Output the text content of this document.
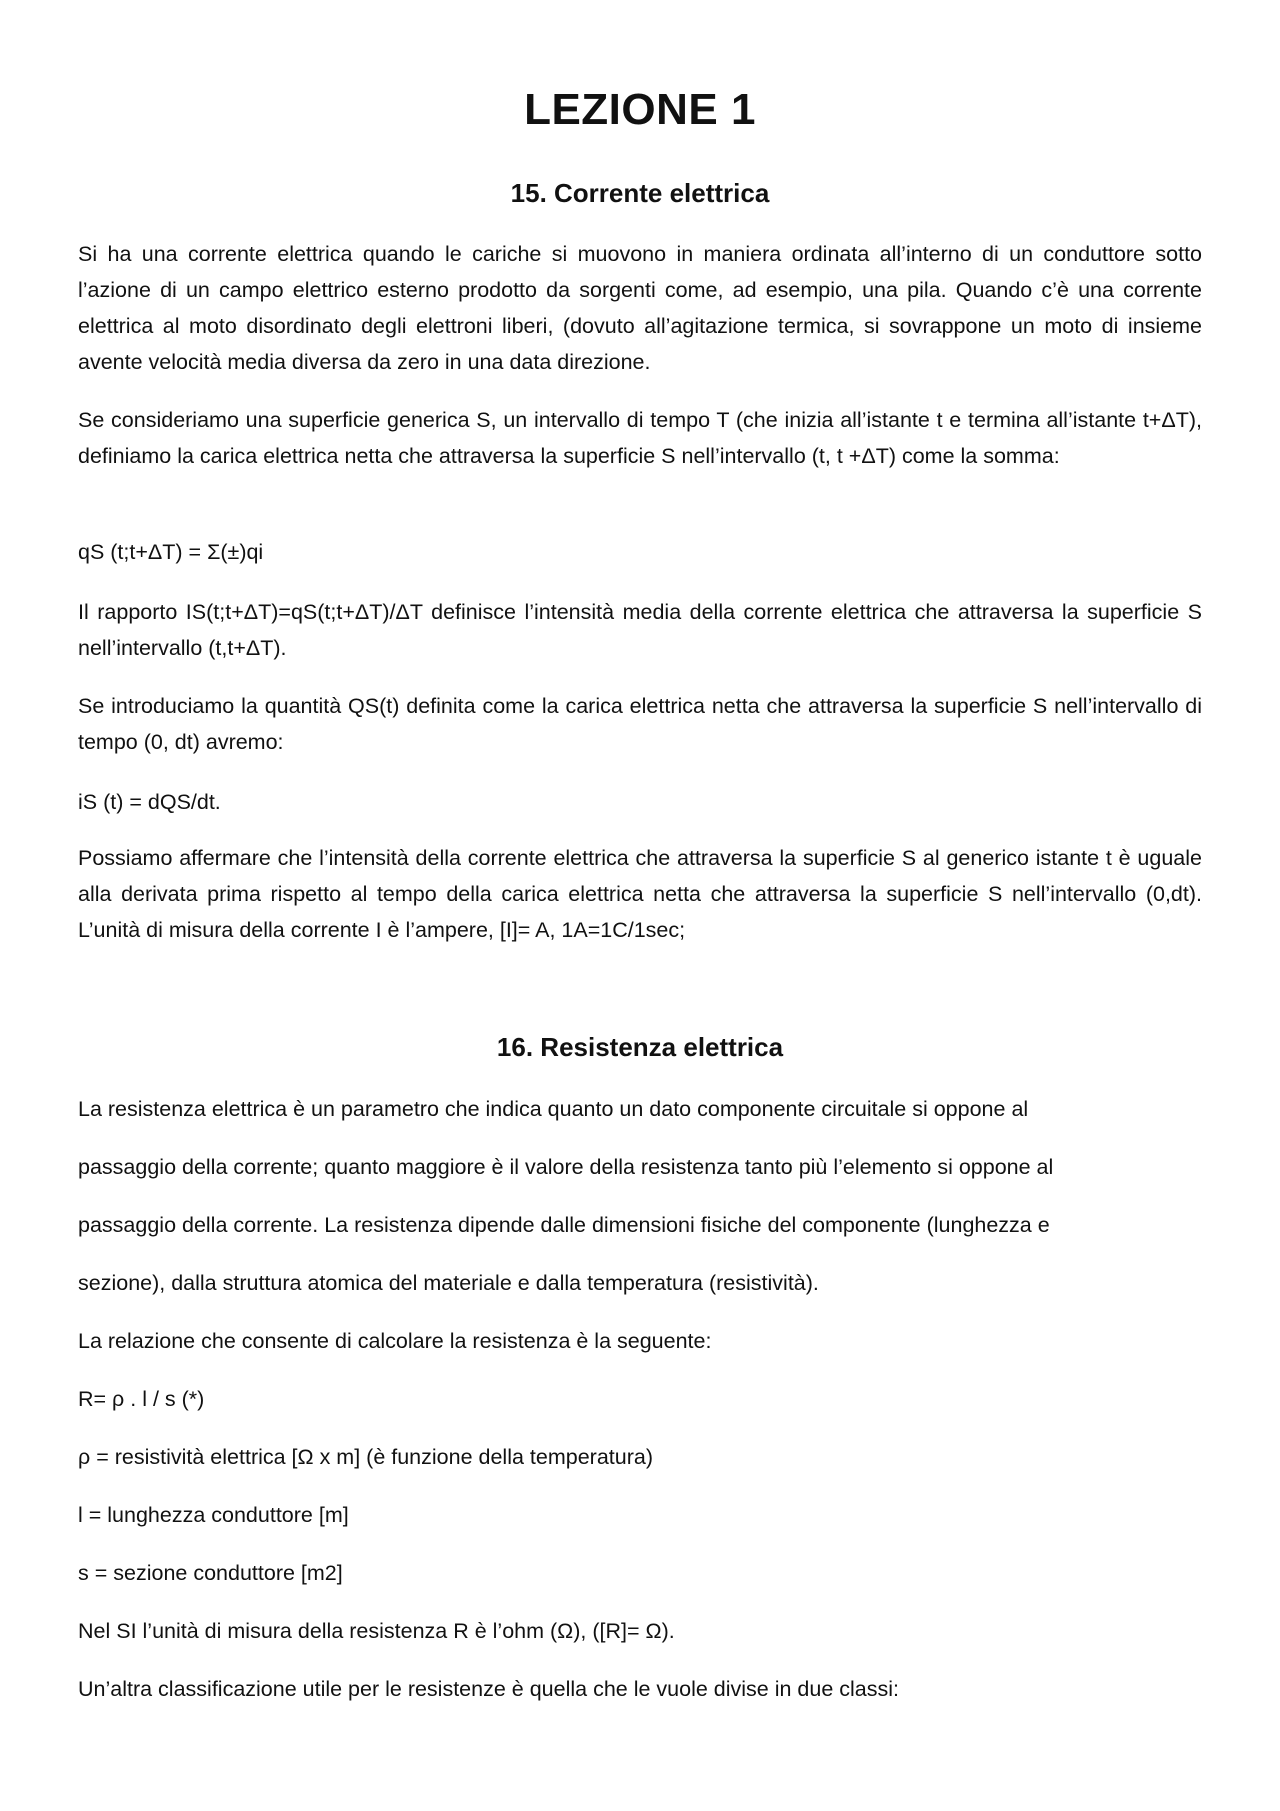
LEZIONE 1
15. Corrente elettrica

Si ha una corrente elettrica quando le cariche si muovono in maniera ordinata all’interno di un conduttore sotto l’azione di un campo elettrico esterno prodotto da sorgenti come, ad esempio, una pila. Quando c’è una corrente elettrica al moto disordinato degli elettroni liberi, (dovuto all’agitazione termica, si sovrappone un moto di insieme avente velocità media diversa da zero in una data direzione.

Se consideriamo una superficie generica S, un intervallo di tempo T (che inizia all’istante t e termina all’istante t+ΔT), definiamo la carica elettrica netta che attraversa la superficie S nell’intervallo (t, t +ΔT) come la somma:

qS (t;t+ΔT) = Σ(±)qi

Il rapporto IS(t;t+ΔT)=qS(t;t+ΔT)/ΔT definisce l’intensità media della corrente elettrica che attraversa la superficie S nell’intervallo (t,t+ΔT).

Se introduciamo la quantità QS(t) definita come la carica elettrica netta che attraversa la superficie S nell’intervallo di tempo (0, dt) avremo:

iS (t) = dQS/dt.

Possiamo affermare che l’intensità della corrente elettrica che attraversa la superficie S al generico istante t è uguale alla derivata prima rispetto al tempo della carica elettrica netta che attraversa la superficie S nell’intervallo (0,dt). L’unità di misura della corrente I è l’ampere, [I]= A, 1A=1C/1sec;

16. Resistenza elettrica

La resistenza elettrica è un parametro che indica quanto un dato componente circuitale si oppone al

passaggio della corrente; quanto maggiore è il valore della resistenza tanto più l’elemento si oppone al

passaggio della corrente. La resistenza dipende dalle dimensioni fisiche del componente (lunghezza e

sezione), dalla struttura atomica del materiale e dalla temperatura (resistività).

La relazione che consente di calcolare la resistenza è la seguente:

R= ρ . l / s (*)

ρ = resistività elettrica [Ω x m] (è funzione della temperatura)

l = lunghezza conduttore [m]

s = sezione conduttore [m2]

Nel SI l’unità di misura della resistenza R è l’ohm (Ω), ([R]= Ω).

Un’altra classificazione utile per le resistenze è quella che le vuole divise in due classi:
